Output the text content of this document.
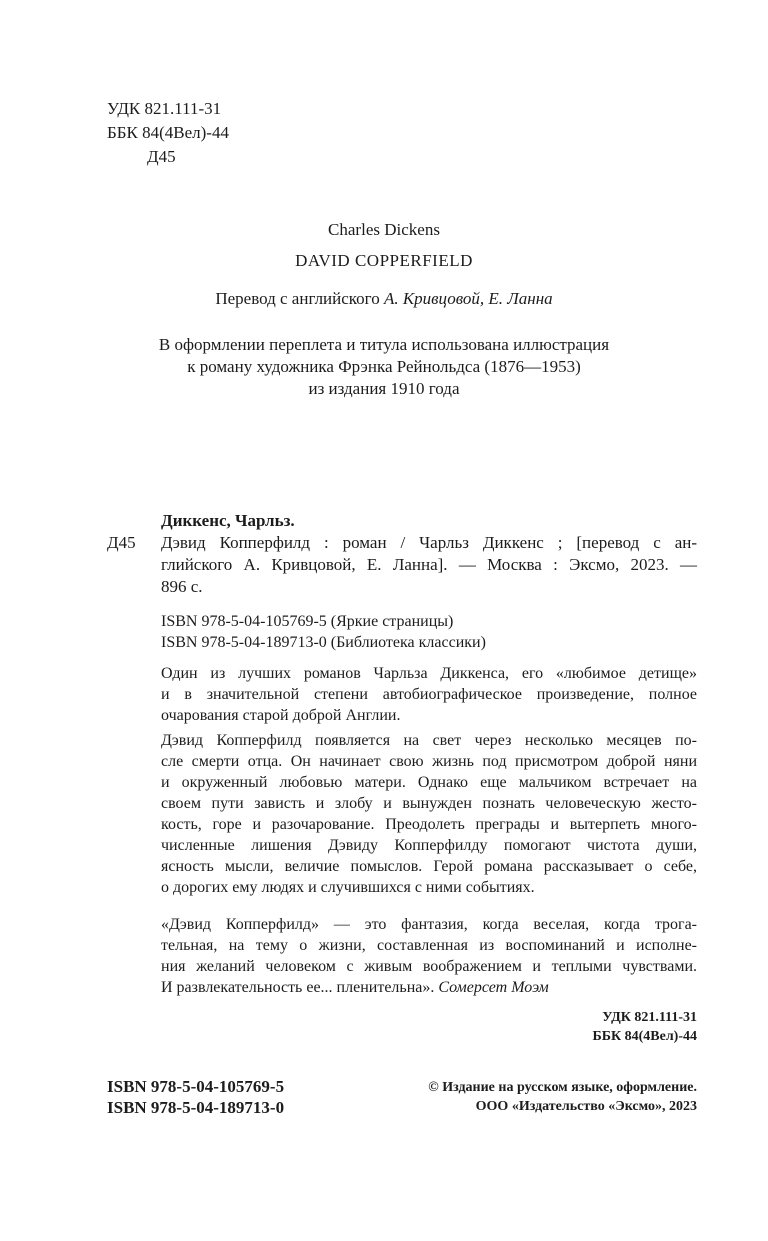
УДК 821.111-31
ББК 84(4Вел)-44
Д45
Charles Dickens
DAVID COPPERFIELD
Перевод с английского А. Кривцовой, Е. Ланна
В оформлении переплета и титула использована иллюстрация
к роману художника Фрэнка Рейнольдса (1876—1953)
из издания 1910 года
Диккенс, Чарльз.
Д45	Дэвид Копперфилд : роман / Чарльз Диккенс ; [перевод с ан-
глийского А. Кривцовой, Е. Ланна]. — Москва : Эксмо, 2023. —
896 с.
ISBN 978-5-04-105769-5 (Яркие страницы)
ISBN 978-5-04-189713-0 (Библиотека классики)

Один из лучших романов Чарльза Диккенса, его «любимое детище»
и в значительной степени автобиографическое произведение, полное
очарования старой доброй Англии.

Дэвид Копперфилд появляется на свет через несколько месяцев по-
сле смерти отца. Он начинает свою жизнь под присмотром доброй няни
и окруженный любовью матери. Однако еще мальчиком встречает на
своем пути зависть и злобу и вынужден познать человеческую жесто-
кость, горе и разочарование. Преодолеть преграды и вытерпеть много-
численные лишения Дэвиду Копперфилду помогают чистота души,
ясность мысли, величие помыслов. Герой романа рассказывает о себе,
о дорогих ему людях и случившихся с ними событиях.

«Дэвид Копперфилд» — это фантазия, когда веселая, когда трога-
тельная, на тему о жизни, составленная из воспоминаний и исполне-
ния желаний человеком с живым воображением и теплыми чувствами.
И развлекательность ее... пленительна». Сомерсет Моэм
УДК 821.111-31
ББК 84(4Вел)-44
ISBN 978-5-04-105769-5
ISBN 978-5-04-189713-0
© Издание на русском языке, оформление.
ООО «Издательство «Эксмо», 2023
